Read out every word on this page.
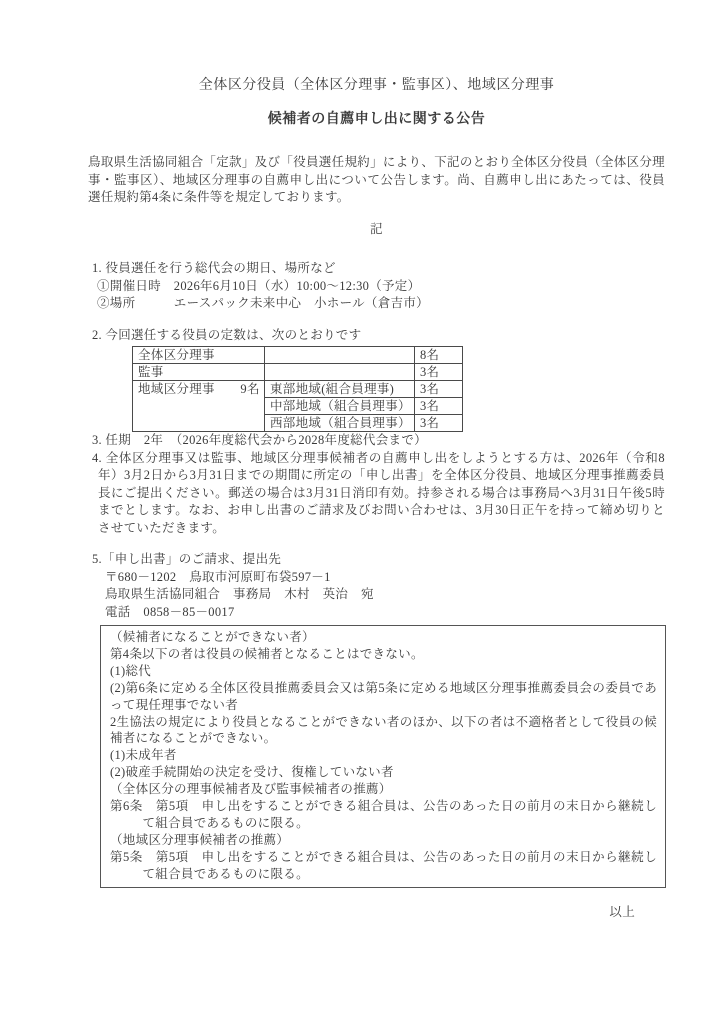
全体区分役員（全体区分理事・監事区）、地域区分理事
候補者の自薦申し出に関する公告

鳥取県生活協同組合「定款」及び「役員選任規約」により、下記のとおり全体区分役員（全体区分理事・監事区）、地域区分理事の自薦申し出について公告します。尚、自薦申し出にあたっては、役員選任規約第4条に条件等を規定しております。

記

1. 役員選任を行う総代会の期日、場所など

①開催日時　2026年6月10日（水）10:00～12:30（予定）

②場所　　　エースパック未来中心　小ホール（倉吉市）

2. 今回選任する役員の定数は、次のとおりです

全体区分理事		8名
監事		3名
地域区分理事　　9名	東部地域(組合員理事)	3名
	中部地域（組合員理事）	3名
	西部地域（組合員理事）	3名

3. 任期　2年　（2026年度総代会から2028年度総代会まで）

4. 全体区分理事又は監事、地域区分理事候補者の自薦申し出をしようとする方は、2026年（令和8年）3月2日から3月31日までの期間に所定の「申し出書」を全体区分役員、地域区分理事推薦委員長にご提出ください。郵送の場合は3月31日消印有効。持参される場合は事務局へ3月31日午後5時までとします。なお、お申し出書のご請求及びお問い合わせは、3月30日正午を持って締め切りとさせていただきます。

5.「申し出書」のご請求、提出先

〒680－1202　鳥取市河原町布袋597－1

鳥取県生活協同組合　事務局　木村　英治　宛

電話　0858－85－0017

（候補者になることができない者）

第4条以下の者は役員の候補者となることはできない。

(1)総代

(2)第6条に定める全体区役員推薦委員会又は第5条に定める地域区分理事推薦委員会の委員であって現任理事でない者

2生協法の規定により役員となることができない者のほか、以下の者は不適格者として役員の候補者になることができない。

(1)未成年者

(2)破産手続開始の決定を受け、復権していない者

（全体区分の理事候補者及び監事候補者の推薦）

第6条　第5項　申し出をすることができる組合員は、公告のあった日の前月の末日から継続して組合員であるものに限る。

（地域区分理事候補者の推薦）

第5条　第5項　申し出をすることができる組合員は、公告のあった日の前月の末日から継続して組合員であるものに限る。

以上
